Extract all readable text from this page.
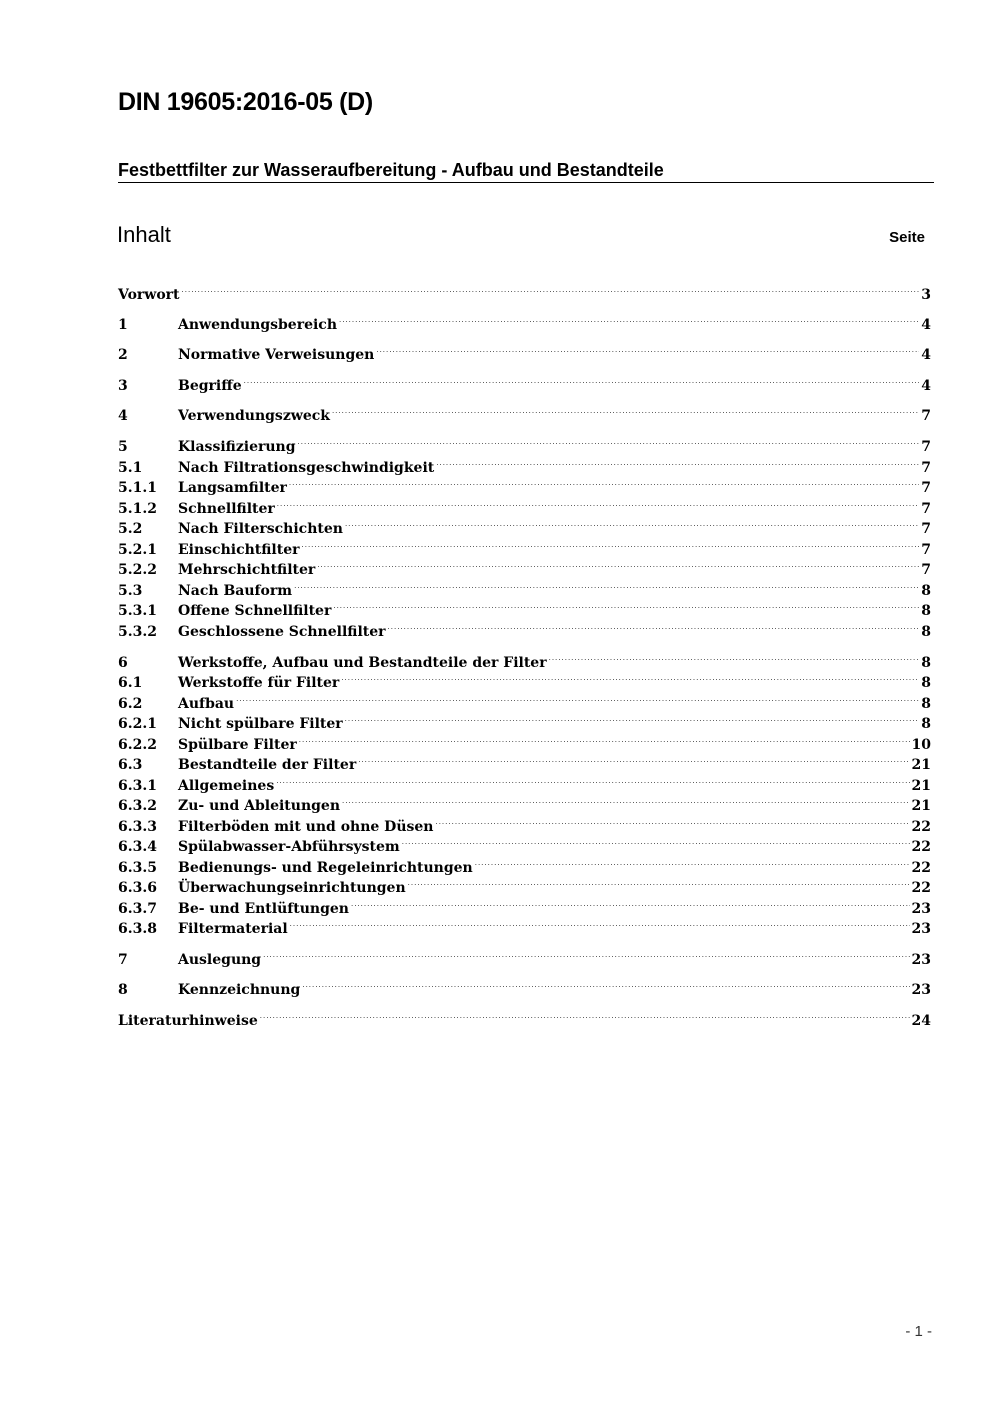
DIN 19605:2016-05 (D)
Festbettfilter zur Wasseraufbereitung - Aufbau und Bestandteile
Inhalt	Seite
Vorwort .....	3
1	Anwendungsbereich .....	4
2	Normative Verweisungen .....	4
3	Begriffe .....	4
4	Verwendungszweck .....	7
5	Klassifizierung .....	7
5.1	Nach Filtrationsgeschwindigkeit .....	7
5.1.1	Langsamfilter .....	7
5.1.2	Schnellfilter .....	7
5.2	Nach Filterschichten .....	7
5.2.1	Einschichtfilter .....	7
5.2.2	Mehrschichtfilter .....	7
5.3	Nach Bauform .....	8
5.3.1	Offene Schnellfilter .....	8
5.3.2	Geschlossene Schnellfilter .....	8
6	Werkstoffe, Aufbau und Bestandteile der Filter .....	8
6.1	Werkstoffe für Filter .....	8
6.2	Aufbau .....	8
6.2.1	Nicht spülbare Filter .....	8
6.2.2	Spülbare Filter .....	10
6.3	Bestandteile der Filter .....	21
6.3.1	Allgemeines .....	21
6.3.2	Zu- und Ableitungen .....	21
6.3.3	Filterböden mit und ohne Düsen .....	22
6.3.4	Spülabwasser-Abführsystem .....	22
6.3.5	Bedienungs- und Regeleinrichtungen .....	22
6.3.6	Überwachungseinrichtungen .....	22
6.3.7	Be- und Entlüftungen .....	23
6.3.8	Filtermaterial .....	23
7	Auslegung .....	23
8	Kennzeichnung .....	23
Literaturhinweise .....	24
- 1 -
